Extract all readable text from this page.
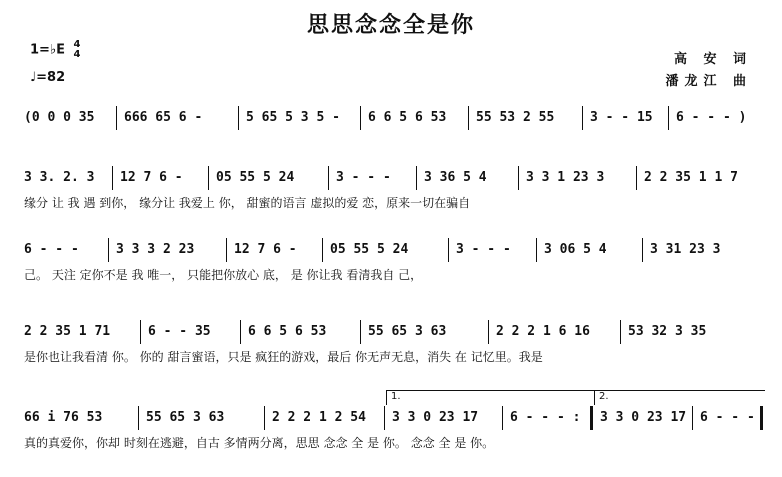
思思念念全是你
1=♭E 4
4
♩=82
高 安 词
潘龙江 曲
(0 0 0 35 666 65 6 -	5 65 5 3 5 - 6 6 5 6 53 55 53 2 55	3 - - 15 6 - - - )
3 3. 2. 3 12 7 6 -	05 55 5 24	3 - - -	3 36 5 4	3 3 1 23 3	2 2 35 1 1 7
缘分 让 我 遇 到你， 缘分让 我爱上 你， 甜蜜的语言 虚拟的爱 恋，原来一切在骗自
6 - - -	3 3 3 2 23	12 7 6 -	05 55 5 24	3 - - -	3 06 5 4	3 31 23 3
己。 天注 定你不是 我 唯一， 只能把你放心 底， 是 你让我 看清我自 己，
2 2 35 1 71	6 - - 35	6 6 5 6 53	55 65 3 63	2 2 2 1 6 16	53 32 3 35
是你也让我看清 你。 你的 甜言蜜语，只是 疯狂的游戏，最后 你无声无息，消失 在 记忆里。我是
1.	2.
66 i 76 53	55 65 3 63	2 2 2 1 2 54 3 3 0 23 17 6 - - - : 3 3 0 23 17 6 - - -
真的真爱你，你却 时刻在逃避，自古 多情两分离，思思 念念 全 是 你。 念念 全 是 你。
